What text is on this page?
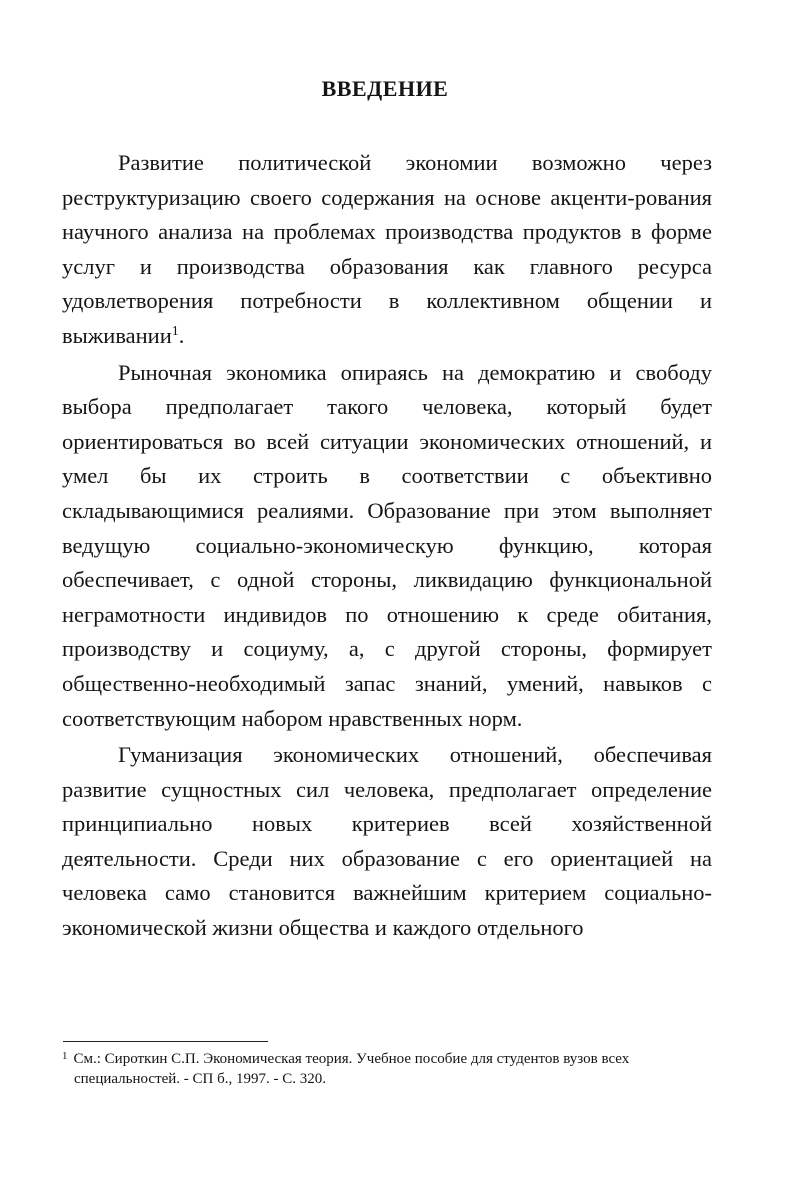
ВВЕДЕНИЕ

Развитие политической экономии возможно через реструктуризацию своего содержания на основе акценти-рования научного анализа на проблемах производства продуктов в форме услуг и производства образования как главного ресурса удовлетворения потребности в коллективном общении и выживании$^1$.

Рыночная экономика опираясь на демократию и свободу выбора предполагает такого человека, который будет ориентироваться во всей ситуации экономических отношений, и умел бы их строить в соответствии с объективно складывающимися реалиями. Образование при этом выполняет ведущую социально-экономическую функцию, которая обеспечивает, с одной стороны, ликвидацию функциональной неграмотности индивидов по отношению к среде обитания, производству и социуму, а, с другой стороны, формирует общественно-необходимый запас знаний, умений, навыков с соответствующим набором нравственных норм.

Гуманизация экономических отношений, обеспечивая развитие сущностных сил человека, предполагает определение принципиально новых критериев всей хозяйственной деятельности. Среди них образование с его ориентацией на человека само становится важнейшим критерием социально-экономической жизни общества и каждого отдельного

$^1$ См.: Сироткин С.П. Экономическая теория. Учебное пособие для студентов вузов всех
специальностей. - СП б., 1997. - С. 320.
